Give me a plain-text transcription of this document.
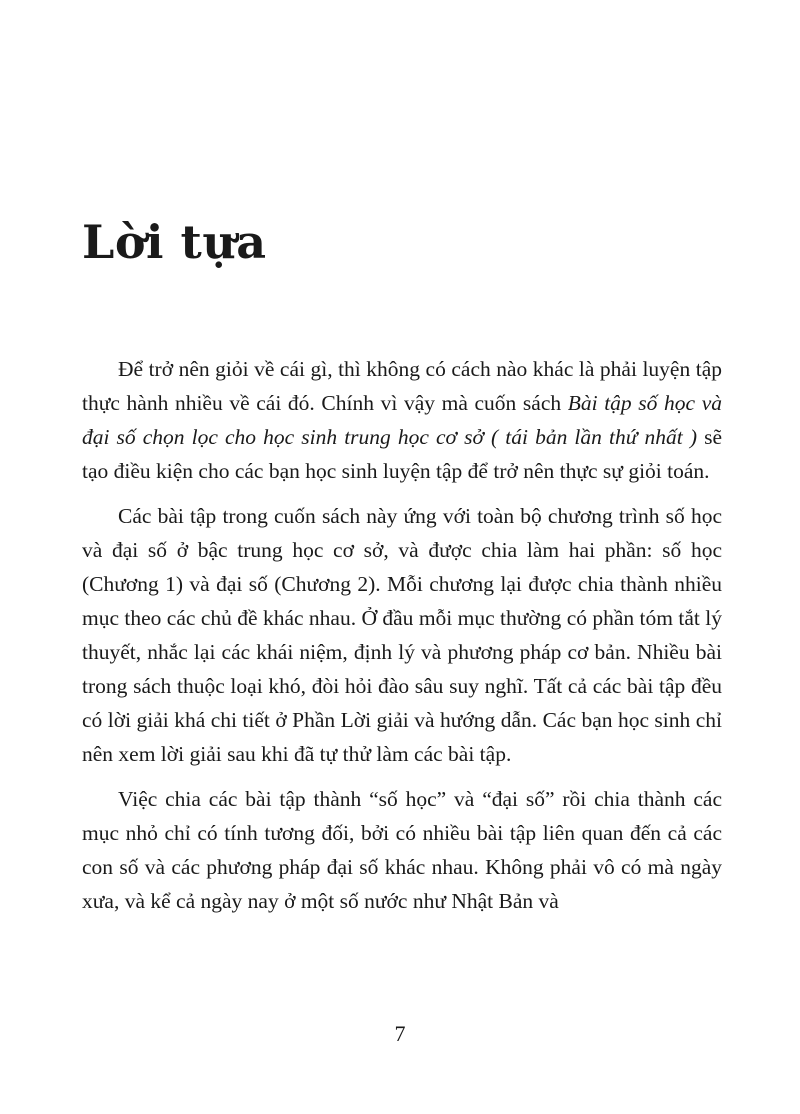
Lời tựa

Để trở nên giỏi về cái gì, thì không có cách nào khác là phải luyện tập thực hành nhiều về cái đó. Chính vì vậy mà cuốn sách Bài tập số học và đại số chọn lọc cho học sinh trung học cơ sở ( tái bản lần thứ nhất ) sẽ tạo điều kiện cho các bạn học sinh luyện tập để trở nên thực sự giỏi toán.

Các bài tập trong cuốn sách này ứng với toàn bộ chương trình số học và đại số ở bậc trung học cơ sở, và được chia làm hai phần: số học (Chương 1) và đại số (Chương 2). Mỗi chương lại được chia thành nhiều mục theo các chủ đề khác nhau. Ở đầu mỗi mục thường có phần tóm tắt lý thuyết, nhắc lại các khái niệm, định lý và phương pháp cơ bản. Nhiều bài trong sách thuộc loại khó, đòi hỏi đào sâu suy nghĩ. Tất cả các bài tập đều có lời giải khá chi tiết ở Phần Lời giải và hướng dẫn. Các bạn học sinh chỉ nên xem lời giải sau khi đã tự thử làm các bài tập.

Việc chia các bài tập thành “số học” và “đại số” rồi chia thành các mục nhỏ chỉ có tính tương đối, bởi có nhiều bài tập liên quan đến cả các con số và các phương pháp đại số khác nhau. Không phải vô có mà ngày xưa, và kể cả ngày nay ở một số nước như Nhật Bản và

7
